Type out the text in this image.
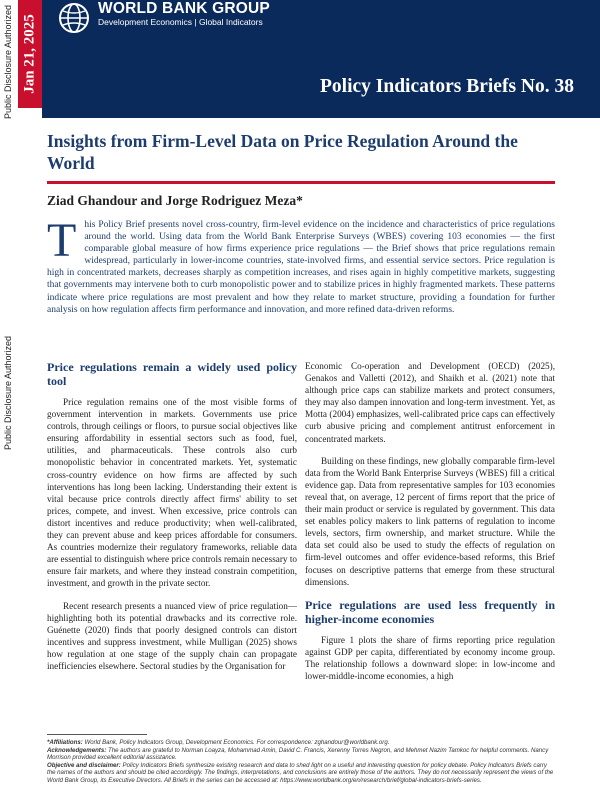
WORLD BANK GROUP
Development Economics | Global Indicators
Policy Indicators Briefs No. 38
Jan 21, 2025
Public Disclosure Authorized
Public Disclosure Authorized
Insights from Firm-Level Data on Price Regulation Around the World
Ziad Ghandour and Jorge Rodriguez Meza*
This Policy Brief presents novel cross-country, firm-level evidence on the incidence and characteristics of price regulations around the world. Using data from the World Bank Enterprise Surveys (WBES) covering 103 economies — the first comparable global measure of how firms experience price regulations — the Brief shows that price regulations remain widespread, particularly in lower-income countries, state-involved firms, and essential service sectors. Price regulation is high in concentrated markets, decreases sharply as competition increases, and rises again in highly competitive markets, suggesting that governments may intervene both to curb monopolistic power and to stabilize prices in highly fragmented markets. These patterns indicate where price regulations are most prevalent and how they relate to market structure, providing a foundation for further analysis on how regulation affects firm performance and innovation, and more refined data-driven reforms.
Price regulations remain a widely used policy tool

Price regulation remains one of the most visible forms of government intervention in markets. Governments use price controls, through ceilings or floors, to pursue social objectives like ensuring affordability in essential sectors such as food, fuel, utilities, and pharmaceuticals. These controls also curb monopolistic behavior in concentrated markets. Yet, systematic cross-country evidence on how firms are affected by such interventions has long been lacking. Understanding their extent is vital because price controls directly affect firms' ability to set prices, compete, and invest. When excessive, price controls can distort incentives and reduce productivity; when well-calibrated, they can prevent abuse and keep prices affordable for consumers. As countries modernize their regulatory frameworks, reliable data are essential to distinguish where price controls remain necessary to ensure fair markets, and where they instead constrain competition, investment, and growth in the private sector.

Recent research presents a nuanced view of price regulation—highlighting both its potential drawbacks and its corrective role. Guénette (2020) finds that poorly designed controls can distort incentives and suppress investment, while Mulligan (2025) shows how regulation at one stage of the supply chain can propagate inefficiencies elsewhere. Sectoral studies by the Organisation for

Economic Co-operation and Development (OECD) (2025), Genakos and Valletti (2012), and Shaikh et al. (2021) note that although price caps can stabilize markets and protect consumers, they may also dampen innovation and long-term investment. Yet, as Motta (2004) emphasizes, well-calibrated price caps can effectively curb abusive pricing and complement antitrust enforcement in concentrated markets.

Building on these findings, new globally comparable firm-level data from the World Bank Enterprise Surveys (WBES) fill a critical evidence gap. Data from representative samples for 103 economies reveal that, on average, 12 percent of firms report that the price of their main product or service is regulated by government. This data set enables policy makers to link patterns of regulation to income levels, sectors, firm ownership, and market structure. While the data set could also be used to study the effects of regulation on firm-level outcomes and offer evidence-based reforms, this Brief focuses on descriptive patterns that emerge from these structural dimensions.

Price regulations are used less frequently in higher-income economies

Figure 1 plots the share of firms reporting price regulation against GDP per capita, differentiated by economy income group. The relationship follows a downward slope: in low-income and lower-middle-income economies, a high

*Affiliations: World Bank, Policy Indicators Group, Development Economics. For correspondence: zghandour@worldbank.org.
Acknowledgements: The authors are grateful to Norman Loayza, Mohammad Amin, David C. Francis, Xerenny Torres Negron, and Mehmet Nazim Tamkoc for helpful comments. Nancy Morrison provided excellent editorial assistance.
Objective and disclaimer: Policy Indicators Briefs synthesize existing research and data to shed light on a useful and interesting question for policy debate. Policy Indicators Briefs carry the names of the authors and should be cited accordingly. The findings, interpretations, and conclusions are entirely those of the authors. They do not necessarily represent the views of the World Bank Group, its Executive Directors. All Briefs in the series can be accessed at: https://www.worldbank.org/en/research/brief/global-indicators-briefs-series.
